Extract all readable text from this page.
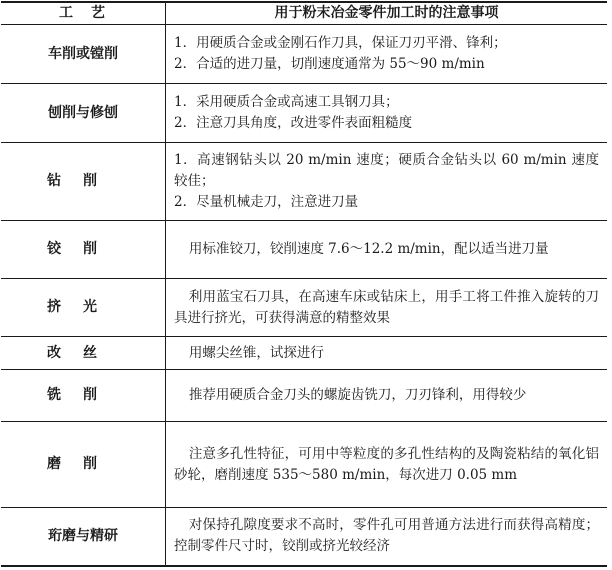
工　艺	用于粉末冶金零件加工时的注意事项
车削或镗削	1．用硬质合金或金刚石作刀具，保证刀刃平滑、锋利；
2．合适的进刀量，切削速度通常为 55～90 m/min

刨削与修刨	1．采用硬质合金或高速工具钢刀具；
2．注意刀具角度，改进零件表面粗糙度

钻削	1．高速钢钻头以 20 m/min 速度；硬质合金钻头以 60 m/min 速度较佳；
2．尽量机械走刀，注意进刀量

铰削	用标准铰刀，铰削速度 7.6～12.2 m/min，配以适当进刀量

挤光	利用蓝宝石刀具，在高速车床或钻床上，用手工将工件推入旋转的刀具进行挤光，可获得满意的精整效果

改丝	用螺尖丝锥，试探进行

铣削	推荐用硬质合金刀头的螺旋齿铣刀，刀刃锋利，用得较少

磨削	注意多孔性特征，可用中等粒度的多孔性结构的及陶瓷粘结的氧化铝砂轮，磨削速度 535～580 m/min，每次进刀 0.05 mm

珩磨与精研	对保持孔隙度要求不高时，零件孔可用普通方法进行而获得高精度；控制零件尺寸时，铰削或挤光较经济
